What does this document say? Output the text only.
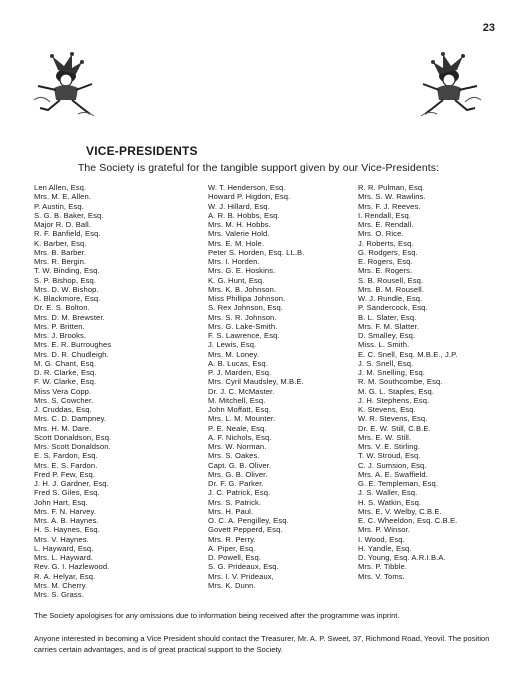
23
VICE-PRESIDENTS

The Society is grateful for the tangible support given by our Vice-Presidents:

Len Allen, Esq.
Mrs. M. E. Allen.
P. Austin, Esq.
S. G. B. Baker, Esq.
Major R. D. Ball.
R. F. Banfield, Esq.
K. Barber, Esq.
Mrs. B. Barber.
Mrs. R. Bergin.
T. W. Binding, Esq.
S. P. Bishop, Esq.
Mrs. D. W. Bishop.
K. Blackmore, Esq.
Dr. E. S. Bolton.
Mrs. D. M. Brewster.
Mrs. P. Britten.
Mrs. J. Brooks.
Mrs. E. R. Burroughes
Mrs. D. R. Chudleigh.
M. G. Chant, Esq.
D. R. Clarke, Esq.
F. W. Clarke, Esq.
Miss Vera Copp.
Mrs. S. Cowcher.
J. Cruddas, Esq.
Mrs. C. D. Dampney.
Mrs. H. M. Dare.
Scott Donaldson, Esq.
Mrs. Scott Donaldson.
E. S. Fardon, Esq.
Mrs. E. S. Fardon.
Fred P. Few, Esq.
J. H. J. Gardner, Esq.
Fred S. Giles, Esq.
John Hart, Esq.
Mrs. F. N. Harvey.
Mrs. A. B. Haynes.
H. S. Haynes, Esq.
Mrs. V. Haynes.
L. Hayward, Esq.
Mrs. L. Hayward.
Rev. G. I. Hazlewood.
R. A. Helyar, Esq.
Mrs. M. Cherry.
Mrs. S. Grass.
W. T. Henderson, Esq.
Howard P. Higdon, Esq.
W. J. Hillard, Esq.
A. R. B. Hobbs, Esq.
Mrs. M. H. Hobbs.
Mrs. Valerie Hold.
Mrs. E. M. Hole.
Peter S. Horden, Esq. LL.B.
Mrs. I. Horden.
Mrs. G. E. Hoskins.
K. G. Hunt, Esq.
Mrs. K. B. Johnson.
Miss Phillipa Johnson.
S. Rex Johnson, Esq.
Mrs. S. R. Johnson.
Mrs. G. Lake-Smith.
F. S. Lawrence, Esq.
J. Lewis, Esq.
Mrs. M. Loney.
A. B. Lucas, Esq.
P. J. Marden, Esq.
Mrs. Cyril Maudsley, M.B.E.
Dr. J. C. McMaster.
M. Mitchell, Esq.
John Moffatt, Esq.
Mrs. L. M. Mounter.
P. E. Neale, Esq.
A. F. Nichols, Esq.
Mrs. W. Norman.
Mrs. S. Oakes.
Capt. G. B. Oliver.
Mrs. G. B. Oliver.
Dr. F. G. Parker.
J. C. Patrick, Esq.
Mrs. S. Patrick.
Mrs. H. Paul.
O. C. A. Pengilley, Esq.
Govett Pepperd, Esq.
Mrs. R. Perry.
A. Piper, Esq.
D. Powell, Esq.
S. G. Prideaux, Esq.
Mrs. I. V. Prideaux,
Mrs. K. Dunn.
R. R. Pulman, Esq.
Mrs. S. W. Rawlins.
Mrs. F. J. Reeves.
I. Rendall, Esq.
Mrs. E. Rendall.
Mrs. O. Rice.
J. Roberts, Esq.
G. Rodgers, Esq.
E. Rogers, Esq.
Mrs. E. Rogers.
S. B. Rousell, Esq.
Mrs. B. M. Rousell.
W. J. Rundle, Esq.
P. Sandercock, Esq.
B. L. Slater, Esq.
Mrs. F. M. Slatter.
D. Smalley, Esq.
Miss. L. Smith.
E. C. Snell, Esq. M.B.E., J.P.
J. S. Snell, Esq.
J. M. Snelling, Esq.
R. M. Southcombe, Esq.
M. G. L. Staples, Esq.
J. H. Stephens, Esq.
K. Stevens, Esq.
W. R. Stevens, Esq.
Dr. E. W. Still, C.B.E.
Mrs. E. W. Still.
Mrs. V. E. Stirling.
T. W. Stroud, Esq.
C. J. Sumsion, Esq.
Mrs. A. E. Swaffield.
G. E. Templeman, Esq.
J. S. Waller, Esq.
H. S. Watkin, Esq.
Mrs. E. V. Welby, C.B.E.
E. C. Wheeldon, Esq. C.B.E.
Mrs. P. Winsor.
I. Wood, Esq.
H. Yandle, Esq.
D. Young, Esq. A.R.I.B.A.
Mrs. P. Tibble.
Mrs. V. Toms.

The Society apologises for any omissions due to information being received after the programme was inprint.

Anyone interested in becoming a Vice President should contact the Treasurer, Mr. A. P. Sweet, 37, Richmond Road, Yeovil. The position carries certain advantages, and is of great practical support to the Society.
